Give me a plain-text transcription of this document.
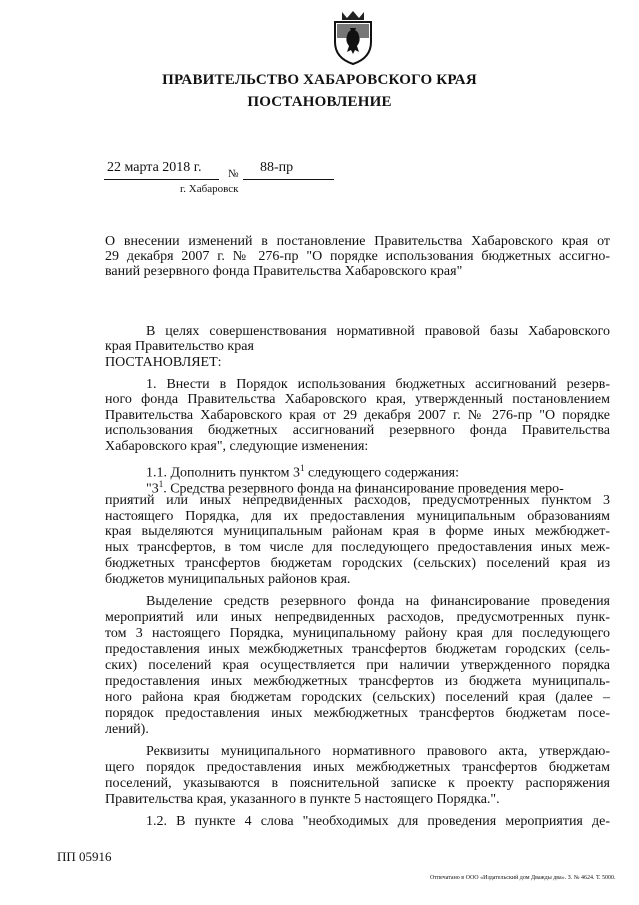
ПРАВИТЕЛЬСТВО ХАБАРОВСКОГО КРАЯ
ПОСТАНОВЛЕНИЕ
22 марта 2018 г. № 88-пр
г. Хабаровск
О внесении изменений в постановление Правительства Хабаровского края от
29 декабря 2007 г. № 276-пр "О порядке использования бюджетных ассигно-
ваний резервного фонда Правительства Хабаровского края"
В целях совершенствования нормативной правовой базы Хабаровского
края Правительство края
ПОСТАНОВЛЯЕТ:
1. Внести в Порядок использования бюджетных ассигнований резерв-
ного фонда Правительства Хабаровского края, утвержденный постановлением
Правительства Хабаровского края от 29 декабря 2007 г. № 276-пр "О порядке
использования бюджетных ассигнований резервного фонда Правительства
Хабаровского края", следующие изменения:
1.1. Дополнить пунктом $3^1$ следующего содержания:
"$3^1$. Средства резервного фонда на финансирование проведения меро-
приятий или иных непредвиденных расходов, предусмотренных пунктом 3
настоящего Порядка, для их предоставления муниципальным образованиям
края выделяются муниципальным районам края в форме иных межбюджет-
ных трансфертов, в том числе для последующего предоставления иных меж-
бюджетных трансфертов бюджетам городских (сельских) поселений края из
бюджетов муниципальных районов края.
Выделение средств резервного фонда на финансирование проведения
мероприятий или иных непредвиденных расходов, предусмотренных пунк-
том 3 настоящего Порядка, муниципальному району края для последующего
предоставления иных межбюджетных трансфертов бюджетам городских (сель-
ских) поселений края осуществляется при наличии утвержденного порядка
предоставления иных межбюджетных трансфертов из бюджета муниципаль-
ного района края бюджетам городских (сельских) поселений края (далее –
порядок предоставления иных межбюджетных трансфертов бюджетам посе-
лений).
Реквизиты муниципального нормативного правового акта, утверждаю-
щего порядок предоставления иных межбюджетных трансфертов бюджетам
поселений, указываются в пояснительной записке к проекту распоряжения
Правительства края, указанного в пункте 5 настоящего Порядка.".
1.2. В пункте 4 слова "необходимых для проведения мероприятия де-
ПП 05916
Отпечатано в ООО «Издательский дом Дважды два». З. № 4624. Т. 5000.
